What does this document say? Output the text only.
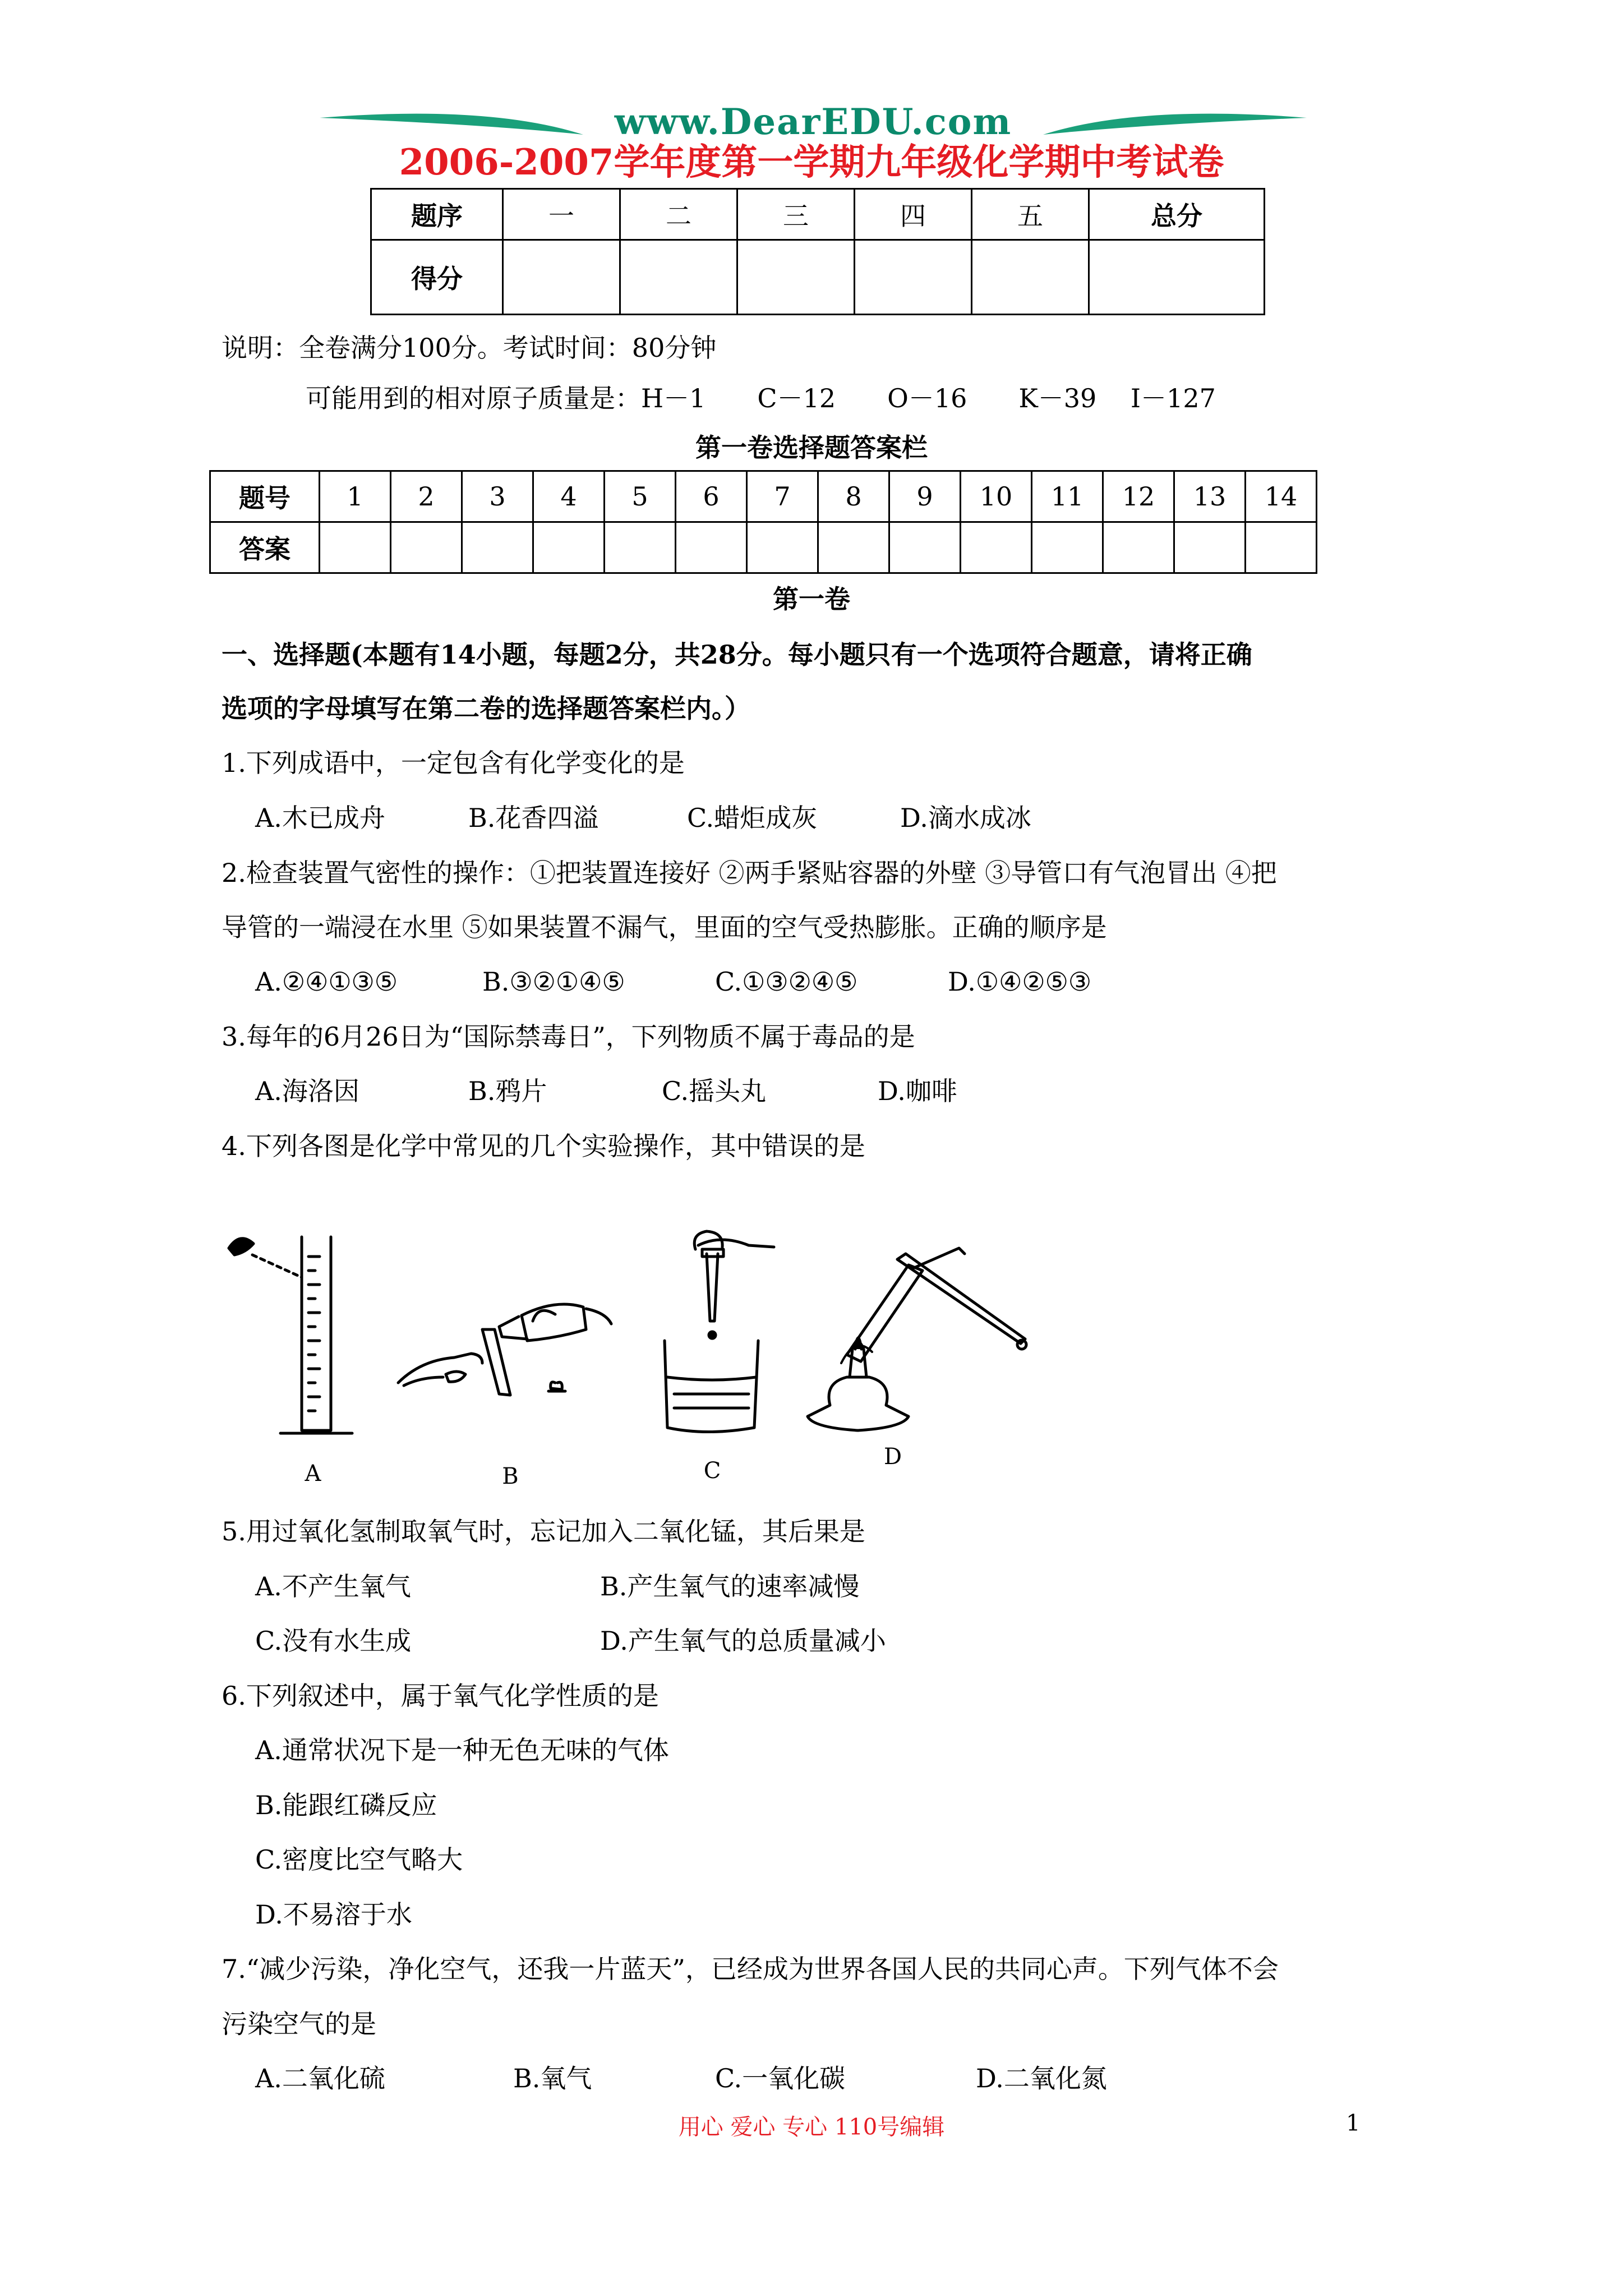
www.DearEDU.com
2006-2007学年度第一学期九年级化学期中考试卷
题序	一	二	三	四	五	总分
得分						
说明：全卷满分100分。考试时间：80分钟
可能用到的相对原子质量是：H－1　　C－12　　O－16　　K－39　 I－127
第一卷选择题答案栏
题号	1	2	3	4	5	6	7	8	9	10	11	12	13	14
答案														
第一卷
一、选择题(本题有14小题，每题2分，共28分。每小题只有一个选项符合题意，请将正确
选项的字母填写在第二卷的选择题答案栏内。）
1.下列成语中，一定包含有化学变化的是
A.木已成舟	B.花香四溢	C.蜡炬成灰	D.滴水成冰
2.检查装置气密性的操作：①把装置连接好 ②两手紧贴容器的外壁 ③导管口有气泡冒出 ④把
导管的一端浸在水里 ⑤如果装置不漏气，里面的空气受热膨胀。正确的顺序是
A.②④①③⑤	B.③②①④⑤	C.①③②④⑤	D.①④②⑤③
3.每年的6月26日为“国际禁毒日”，下列物质不属于毒品的是
A.海洛因	B.鸦片	C.摇头丸	D.咖啡
4.下列各图是化学中常见的几个实验操作，其中错误的是
A	B	C
D
5.用过氧化氢制取氧气时，忘记加入二氧化锰，其后果是
A.不产生氧气	B.产生氧气的速率减慢
C.没有水生成	D.产生氧气的总质量减小
6.下列叙述中，属于氧气化学性质的是
A.通常状况下是一种无色无味的气体
B.能跟红磷反应
C.密度比空气略大
D.不易溶于水
7.“减少污染，净化空气，还我一片蓝天”，已经成为世界各国人民的共同心声。下列气体不会
污染空气的是
A.二氧化硫	B.氧气	C.一氧化碳	D.二氧化氮
用心 爱心 专心 110号编辑	1
